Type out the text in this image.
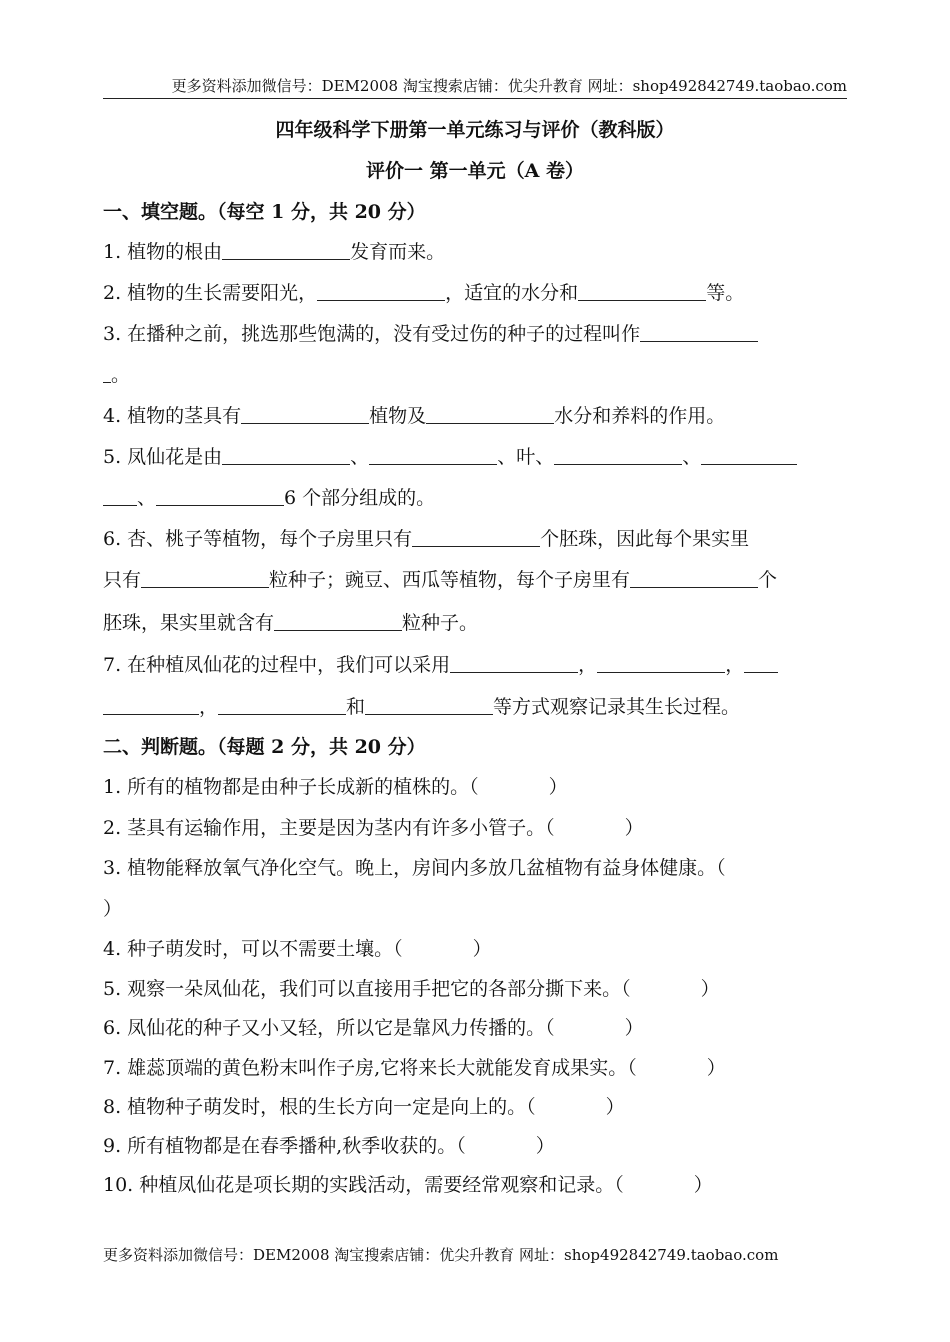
更多资料添加微信号：DEM2008 淘宝搜索店铺：优尖升教育 网址：shop492842749.taobao.com
四年级科学下册第一单元练习与评价（教科版）
评价一 第一单元（A 卷）
一、填空题。（每空 1 分，共 20 分）
1. 植物的根由	发育而来。
2. 植物的生长需要阳光，	，适宜的水分和	等。
3. 在播种之前，挑选那些饱满的，没有受过伤的种子的过程叫作
。
4. 植物的茎具有	植物及	水分和养料的作用。
5. 凤仙花是由	、	、叶、	、
、	6 个部分组成的。
6. 杏、桃子等植物，每个子房里只有	个胚珠，因此每个果实里
只有	粒种子；豌豆、西瓜等植物，每个子房里有	个
胚珠，果实里就含有	粒种子。
7. 在种植凤仙花的过程中，我们可以采用	，	，
，	和	等方式观察记录其生长过程。
二、判断题。（每题 2 分，共 20 分）
1. 所有的植物都是由种子长成新的植株的。（	）
2. 茎具有运输作用，主要是因为茎内有许多小管子。（	）
3. 植物能释放氧气净化空气。晚上，房间内多放几盆植物有益身体健康。（
）
4. 种子萌发时，可以不需要土壤。（	）
5. 观察一朵凤仙花，我们可以直接用手把它的各部分撕下来。（	）
6. 凤仙花的种子又小又轻，所以它是靠风力传播的。（	）
7. 雄蕊顶端的黄色粉末叫作子房,它将来长大就能发育成果实。（	）
8. 植物种子萌发时，根的生长方向一定是向上的。（	）
9. 所有植物都是在春季播种,秋季收获的。（	）
10. 种植凤仙花是项长期的实践活动，需要经常观察和记录。（	）
更多资料添加微信号：DEM2008 淘宝搜索店铺：优尖升教育 网址：shop492842749.taobao.com
